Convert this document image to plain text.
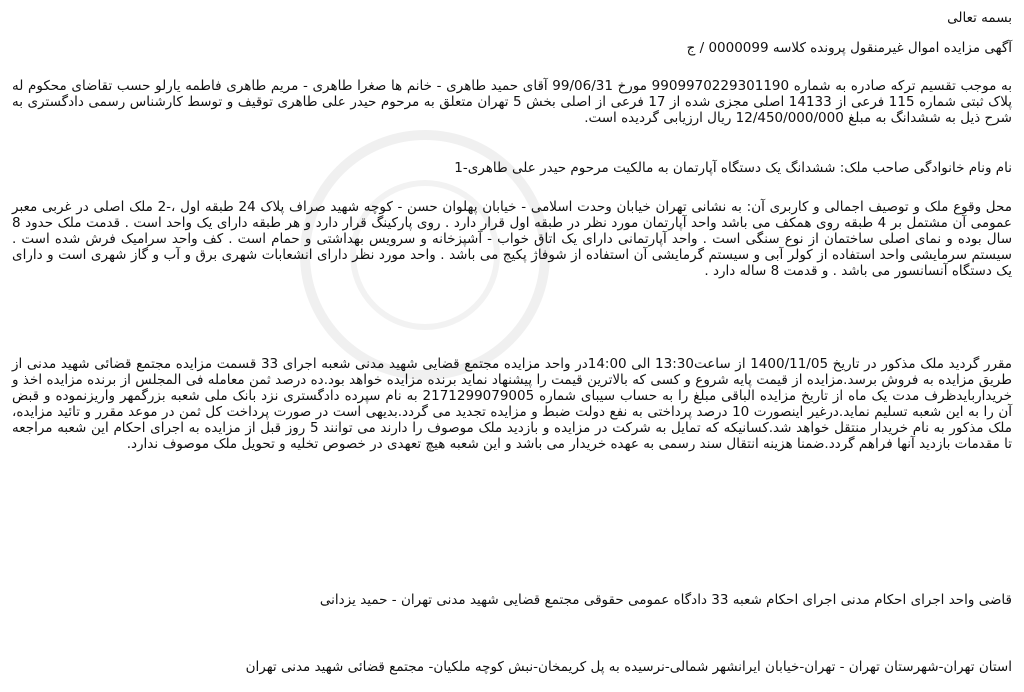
بسمه تعالی
آگهی مزایده اموال غیرمنقول پرونده کلاسه 0000099 / ج
به موجب تقسیم ترکه صادره به شماره 9909970229301190 مورخ 99/06/31 آقای حمید طاهری - خانم ها صغرا طاهری - مریم طاهری فاطمه یارلو حسب تقاضای محکوم له پلاک ثبتی شماره 115 فرعی از 14133 اصلی مجزی شده از 17 فرعی از اصلی بخش 5 تهران متعلق به مرحوم حیدر علی طاهری توقیف و توسط کارشناس رسمی دادگستری به شرح ذیل به ششدانگ به مبلغ 12/450/000/000 ریال ارزیابی گردیده است.
نام ونام خانوادگی صاحب ملک: ششدانگ یک دستگاه آپارتمان به مالکیت مرحوم حیدر علی طاهری-1
محل وقوع ملک و توصیف اجمالی و کاربری آن: به نشانی تهران خیابان وحدت اسلامی - خیابان پهلوان حسن - کوچه شهید صراف پلاک 24 طبقه اول ،-2 ملک اصلی در غربی معبر عمومی آن مشتمل بر 4 طبقه روی همکف می باشد واحد آپارتمان مورد نظر در طبقه اول قرار دارد . روی پارکینگ قرار دارد و هر طبقه دارای یک واحد است . قدمت ملک حدود 8 سال بوده و نمای اصلی ساختمان از نوع سنگی است . واحد آپارتمانی دارای یک اتاق خواب - آشپزخانه و سرویس بهداشتی و حمام است . کف واحد سرامیک فرش شده است . سیستم سرمایشی واحد استفاده از کولر آبی و سیستم گرمایشی آن استفاده از شوفاژ پکیج می باشد . واحد مورد نظر دارای انشعابات شهری برق و آب و گاز شهری است و دارای یک دستگاه آنسانسور می باشد . و قدمت 8 ساله دارد .
مقرر گردید ملک مذکور در تاریخ 1400/11/05 از ساعت13:30 الی 14:00در واحد مزایده مجتمع قضایی شهید مدنی شعبه اجرای 33 قسمت مزایده مجتمع قضائی شهید مدنی از طریق مزایده به فروش برسد.مزایده از قیمت پایه شروع و کسی که بالاترین قیمت را پیشنهاد نماید برنده مزایده خواهد بود.ده درصد ثمن معامله فی المجلس از برنده مزایده اخذ و خریداربایدظرف مدت یک ماه از تاریخ مزایده الباقی مبلغ را به حساب سیبای شماره 2171299079005 به نام سپرده دادگستری نزد بانک ملی شعبه بزرگمهر واریزنموده و قبض آن را به این شعبه تسلیم نماید.درغیر اینصورت 10 درصد پرداختی به نفع دولت ضبط و مزایده تجدید می گردد.بدیهی است در صورت پرداخت کل ثمن در موعد مقرر و تائید مزایده، ملک مذکور به نام خریدار منتقل خواهد شد.کسانیکه که تمایل به شرکت در مزایده و بازدید ملک موصوف را دارند می توانند 5 روز قبل از مزایده به اجرای احکام این شعبه مراجعه تا مقدمات بازدید آنها فراهم گردد.ضمنا هزینه انتقال سند رسمی به عهده خریدار می باشد و این شعبه هیچ تعهدی در خصوص تخلیه و تحویل ملک موصوف ندارد.
قاضی واحد اجرای احکام مدنی اجرای احکام شعبه 33 دادگاه عمومی حقوقی مجتمع قضایی شهید مدنی تهران - حمید یزدانی
استان تهران-شهرستان تهران - تهران-خیابان ایرانشهر شمالی-نرسیده به پل کریمخان-نبش کوچه ملکیان- مجتمع قضائی شهید مدنی تهران
